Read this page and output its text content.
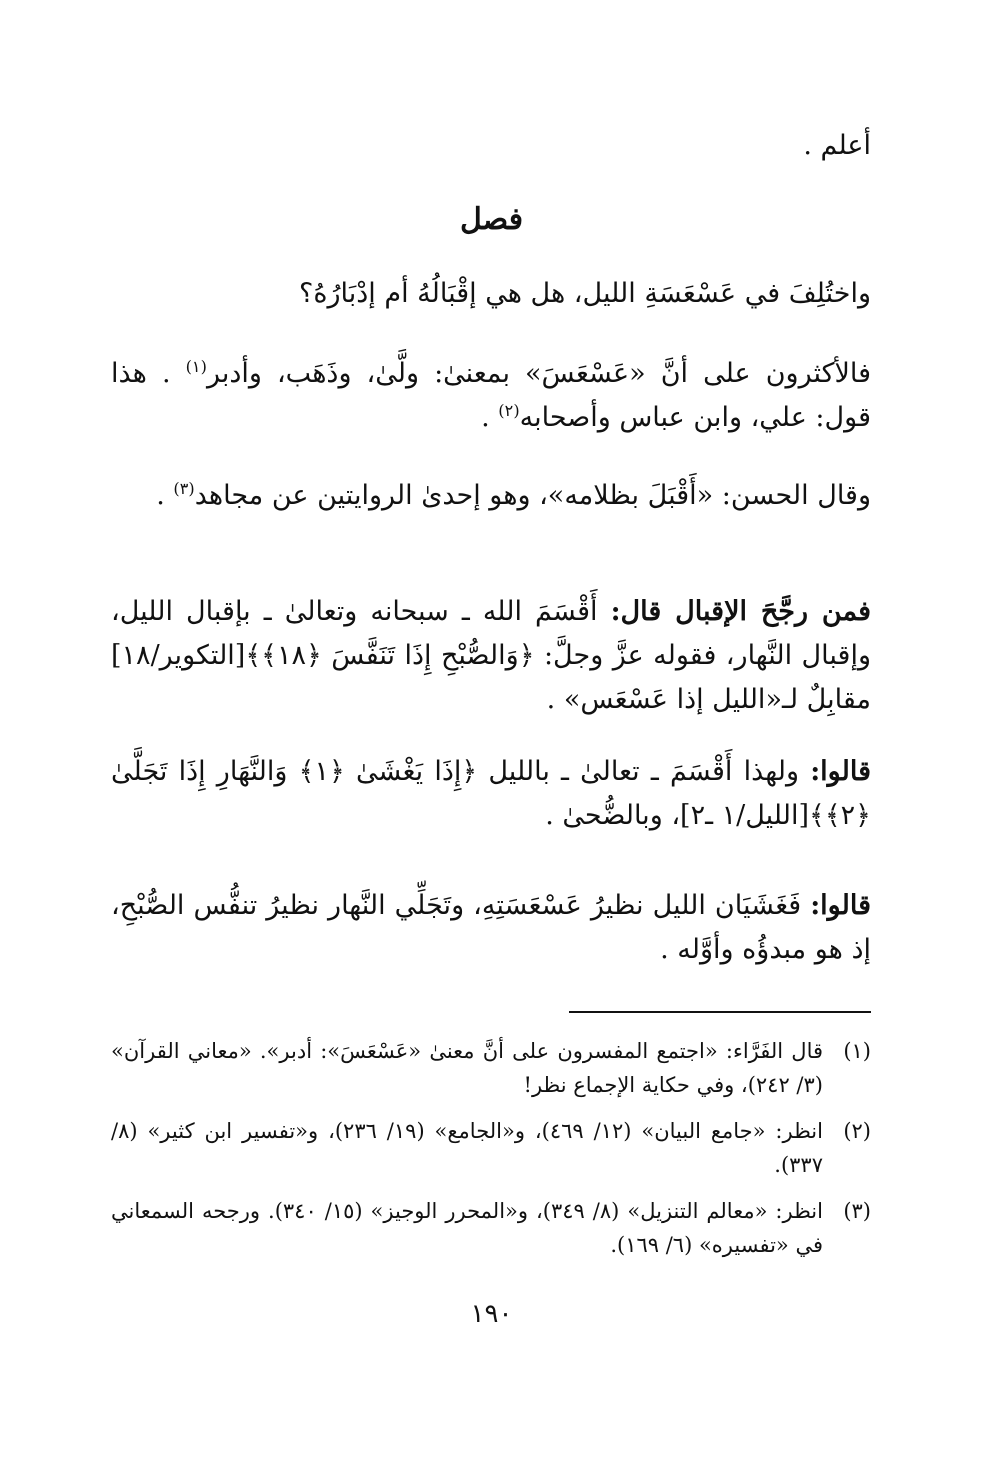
أعلم .
فصل
واختُلِفَ في عَسْعَسَةِ الليل، هل هي إقْبَالُهُ أم إدْبَارُهُ؟
فالأكثرون على أنَّ «عَسْعَسَ» بمعنىٰ: ولَّىٰ، وذَهَب، وأدبر$^{(١)}$ . هذا قول: علي، وابن عباس وأصحابه$^{(٢)}$ .
وقال الحسن: «أَقْبَلَ بظلامه»، وهو إحدىٰ الروايتين عن مجاهد$^{(٣)}$ .
فمن رجَّحَ الإقبال قال: أَقْسَمَ الله ـ سبحانه وتعالىٰ ـ بإقبال الليل، وإقبال النَّهار، فقوله عزَّ وجلَّ: ﴿وَالصُّبْحِ إِذَا تَنَفَّسَ ﴿١٨﴾﴾[التكوير/١٨] مقابِلٌ لـ«الليل إذا عَسْعَس» .
قالوا: ولهذا أَقْسَمَ ـ تعالىٰ ـ بالليل ﴿إِذَا يَغْشَىٰ ﴿١﴾ وَالنَّهَارِ إِذَا تَجَلَّىٰ ﴿٢﴾﴾[الليل/١ ـ٢]، وبالضُّحىٰ .
قالوا: فَغَشَيَان الليل نظيرُ عَسْعَسَتِهِ، وتَجَلِّي النَّهار نظيرُ تنفُّس الصُّبْحِ، إذ هو مبدؤُه وأوَّله .
(١)
قال الفَرَّاء: «اجتمع المفسرون على أنَّ معنىٰ «عَسْعَسَ»: أدبر». «معاني القرآن» (٣/ ٢٤٢)، وفي حكاية الإجماع نظر!
(٢)
انظر: «جامع البيان» (١٢/ ٤٦٩)، و«الجامع» (١٩/ ٢٣٦)، و«تفسير ابن كثير» (٨/ ٣٣٧).
(٣)
انظر: «معالم التنزيل» (٨/ ٣٤٩)، و«المحرر الوجيز» (١٥/ ٣٤٠). ورجحه السمعاني في «تفسيره» (٦/ ١٦٩).
١٩٠
